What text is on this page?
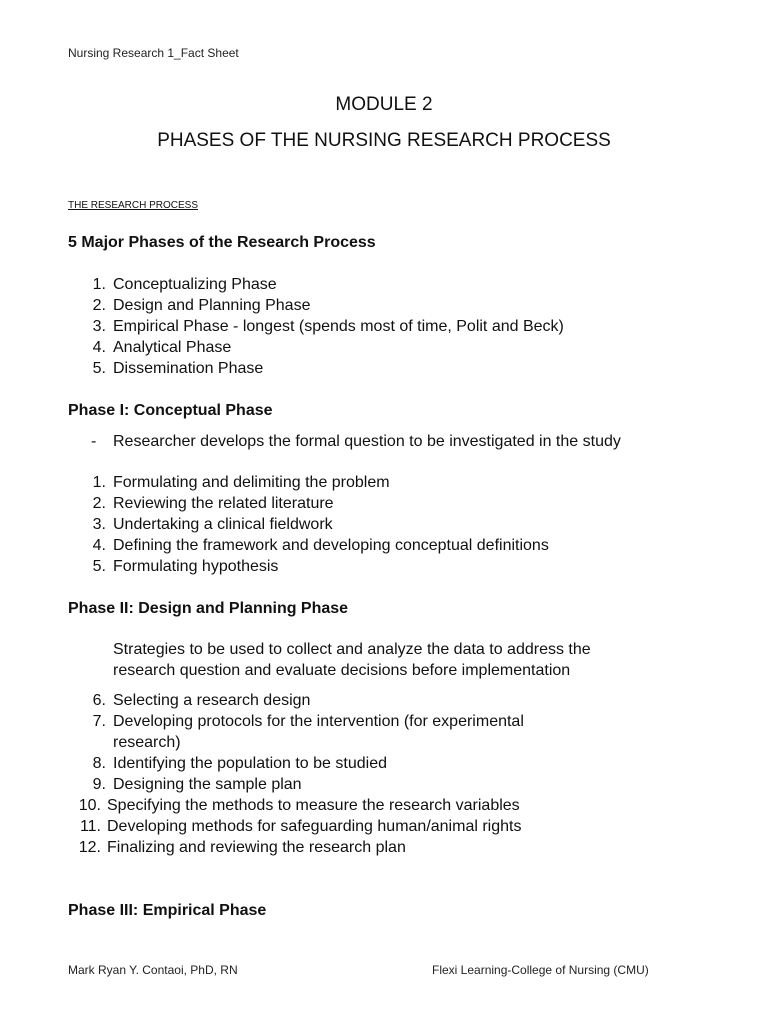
Nursing Research 1_Fact Sheet
MODULE 2
PHASES OF THE NURSING RESEARCH PROCESS
THE RESEARCH PROCESS
5 Major Phases of the Research Process
1. Conceptualizing Phase
2. Design and Planning Phase
3. Empirical Phase - longest (spends most of time, Polit and Beck)
4. Analytical Phase
5. Dissemination Phase
Phase I: Conceptual Phase
- Researcher develops the formal question to be investigated in the study
1. Formulating and delimiting the problem
2. Reviewing the related literature
3. Undertaking a clinical fieldwork
4. Defining the framework and developing conceptual definitions
5. Formulating hypothesis
Phase II: Design and Planning Phase
Strategies to be used to collect and analyze the data to address the
research question and evaluate decisions before implementation
6. Selecting a research design
7. Developing protocols for the intervention (for experimental
research)
8. Identifying the population to be studied
9. Designing the sample plan
10. Specifying the methods to measure the research variables
11. Developing methods for safeguarding human/animal rights
12. Finalizing and reviewing the research plan
Phase III: Empirical Phase
Mark Ryan Y. Contaoi, PhD, RN	Flexi Learning-College of Nursing (CMU)
